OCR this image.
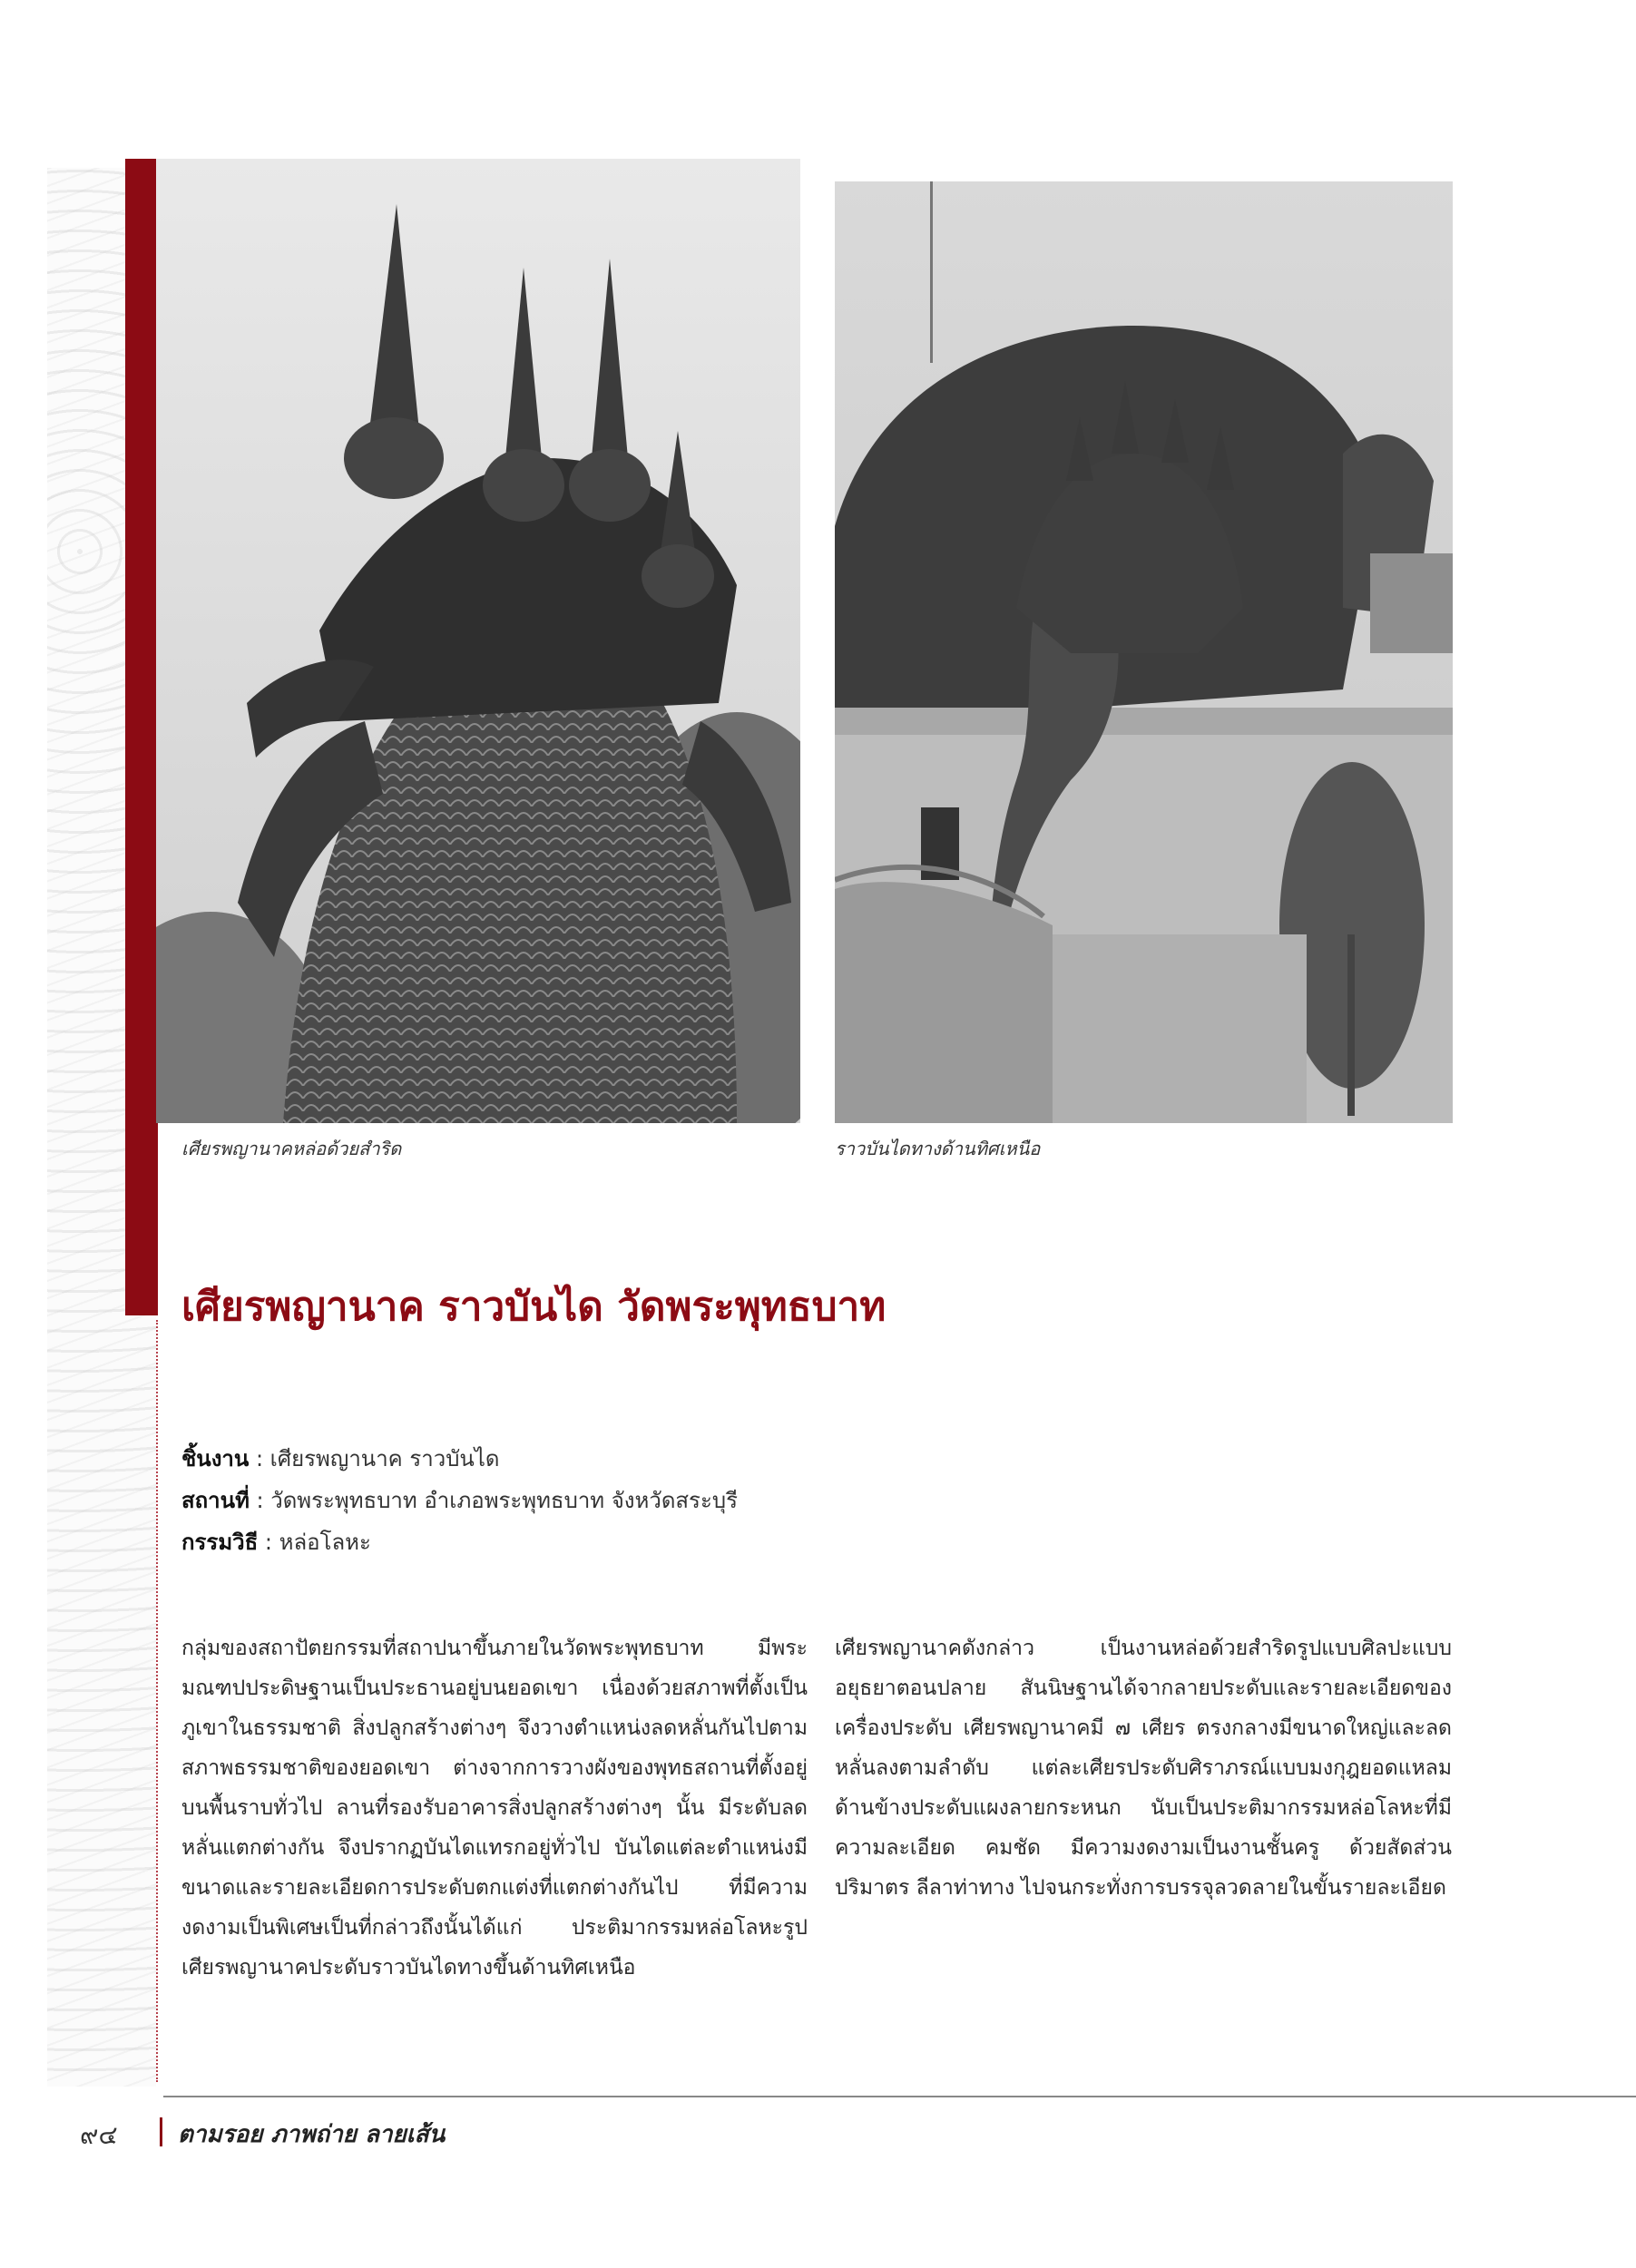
เศียรพญานาคหล่อด้วยสำริด	ราวบันไดทางด้านทิศเหนือ
เศียรพญานาค ราวบันได วัดพระพุทธบาท
ชิ้นงาน : เศียรพญานาค ราวบันได
สถานที่ : วัดพระพุทธบาท อำเภอพระพุทธบาท จังหวัดสระบุรี
กรรมวิธี : หล่อโลหะ

กลุ่มของสถาปัตยกรรมที่สถาปนาขึ้นภายในวัดพระพุทธบาท มีพระมณฑปประดิษฐานเป็นประธานอยู่บนยอดเขา เนื่องด้วยสภาพที่ตั้งเป็นภูเขาในธรรมชาติ สิ่งปลูกสร้างต่างๆ จึงวางตำแหน่งลดหลั่นกันไปตามสภาพธรรมชาติของยอดเขา ต่างจากการวางผังของพุทธสถานที่ตั้งอยู่บนพื้นราบทั่วไป ลานที่รองรับอาคารสิ่งปลูกสร้างต่างๆ นั้น มีระดับลดหลั่นแตกต่างกัน จึงปรากฏบันไดแทรกอยู่ทั่วไป บันไดแต่ละตำแหน่งมีขนาดและรายละเอียดการประดับตกแต่งที่แตกต่างกันไป ที่มีความงดงามเป็นพิเศษเป็นที่กล่าวถึงนั้นได้แก่ ประติมากรรมหล่อโลหะรูปเศียรพญานาคประดับราวบันไดทางขึ้นด้านทิศเหนือ

เศียรพญานาคดังกล่าว เป็นงานหล่อด้วยสำริดรูปแบบศิลปะแบบอยุธยาตอนปลาย สันนิษฐานได้จากลายประดับและรายละเอียดของเครื่องประดับ เศียรพญานาคมี ๗ เศียร ตรงกลางมีขนาดใหญ่และลดหลั่นลงตามลำดับ แต่ละเศียรประดับศิราภรณ์แบบมงกุฎยอดแหลม ด้านข้างประดับแผงลายกระหนก นับเป็นประติมากรรมหล่อโลหะที่มีความละเอียด คมชัด มีความงดงามเป็นงานชั้นครู ด้วยสัดส่วน ปริมาตร ลีลาท่าทาง ไปจนกระทั่งการบรรจุลวดลายในขั้นรายละเอียด

๙๔	ตามรอย ภาพถ่าย ลายเส้น
